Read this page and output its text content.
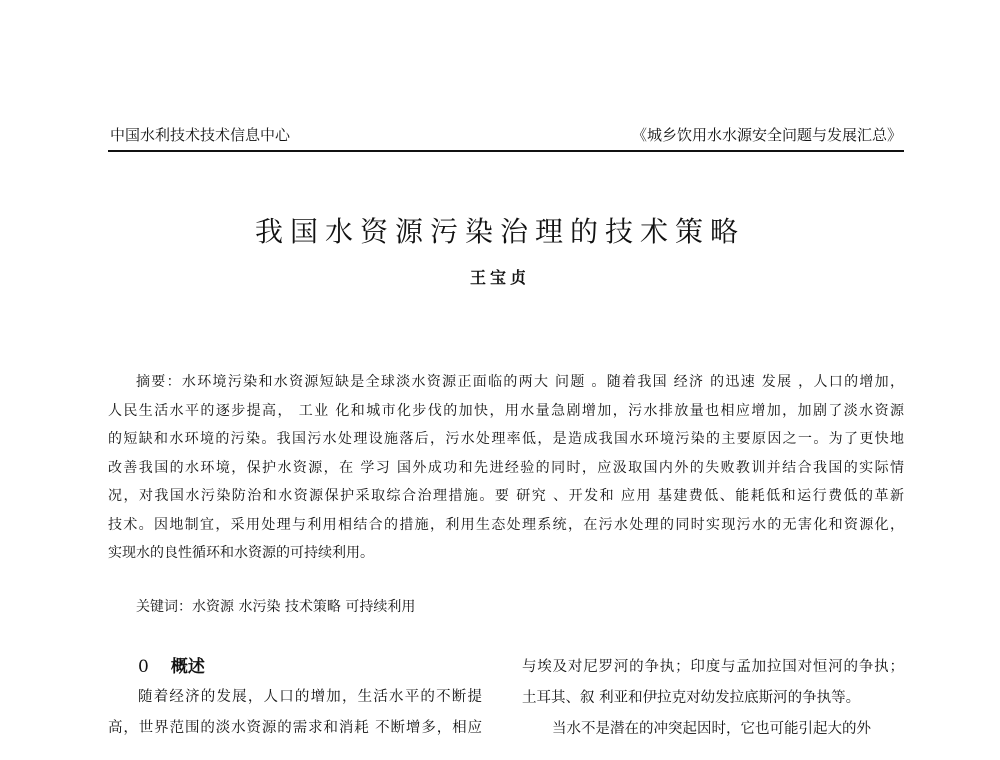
中国水利技术技术信息中心	《城乡饮用水水源安全问题与发展汇总》
我国水资源污染治理的技术策略
王宝贞
摘要：水环境污染和水资源短缺是全球淡水资源正面临的两大 问题 。随着我国 经济 的迅速 发展 ，人口的增加，
人民生活水平的逐步提高， 工业 化和城市化步伐的加快，用水量急剧增加，污水排放量也相应增加，加剧了淡水资源
的短缺和水环境的污染。我国污水处理设施落后，污水处理率低，是造成我国水环境污染的主要原因之一。为了更快地
改善我国的水环境，保护水资源，在 学习 国外成功和先进经验的同时，应汲取国内外的失败教训并结合我国的实际情
况，对我国水污染防治和水资源保护采取综合治理措施。要 研究 、开发和 应用 基建费低、能耗低和运行费低的革新
技术。因地制宜，采用处理与利用相结合的措施，利用生态处理系统，在污水处理的同时实现污水的无害化和资源化，
实现水的良性循环和水资源的可持续利用。
关键词：水资源 水污染 技术策略 可持续利用
0 概述
随着经济的发展，人口的增加，生活水平的不断提
高，世界范围的淡水资源的需求和消耗 不断增多，相应
与埃及对尼罗河的争执；印度与孟加拉国对恒河的争执；
土耳其、叙 利亚和伊拉克对幼发拉底斯河的争执等。
当水不是潜在的冲突起因时，它也可能引起大的外
